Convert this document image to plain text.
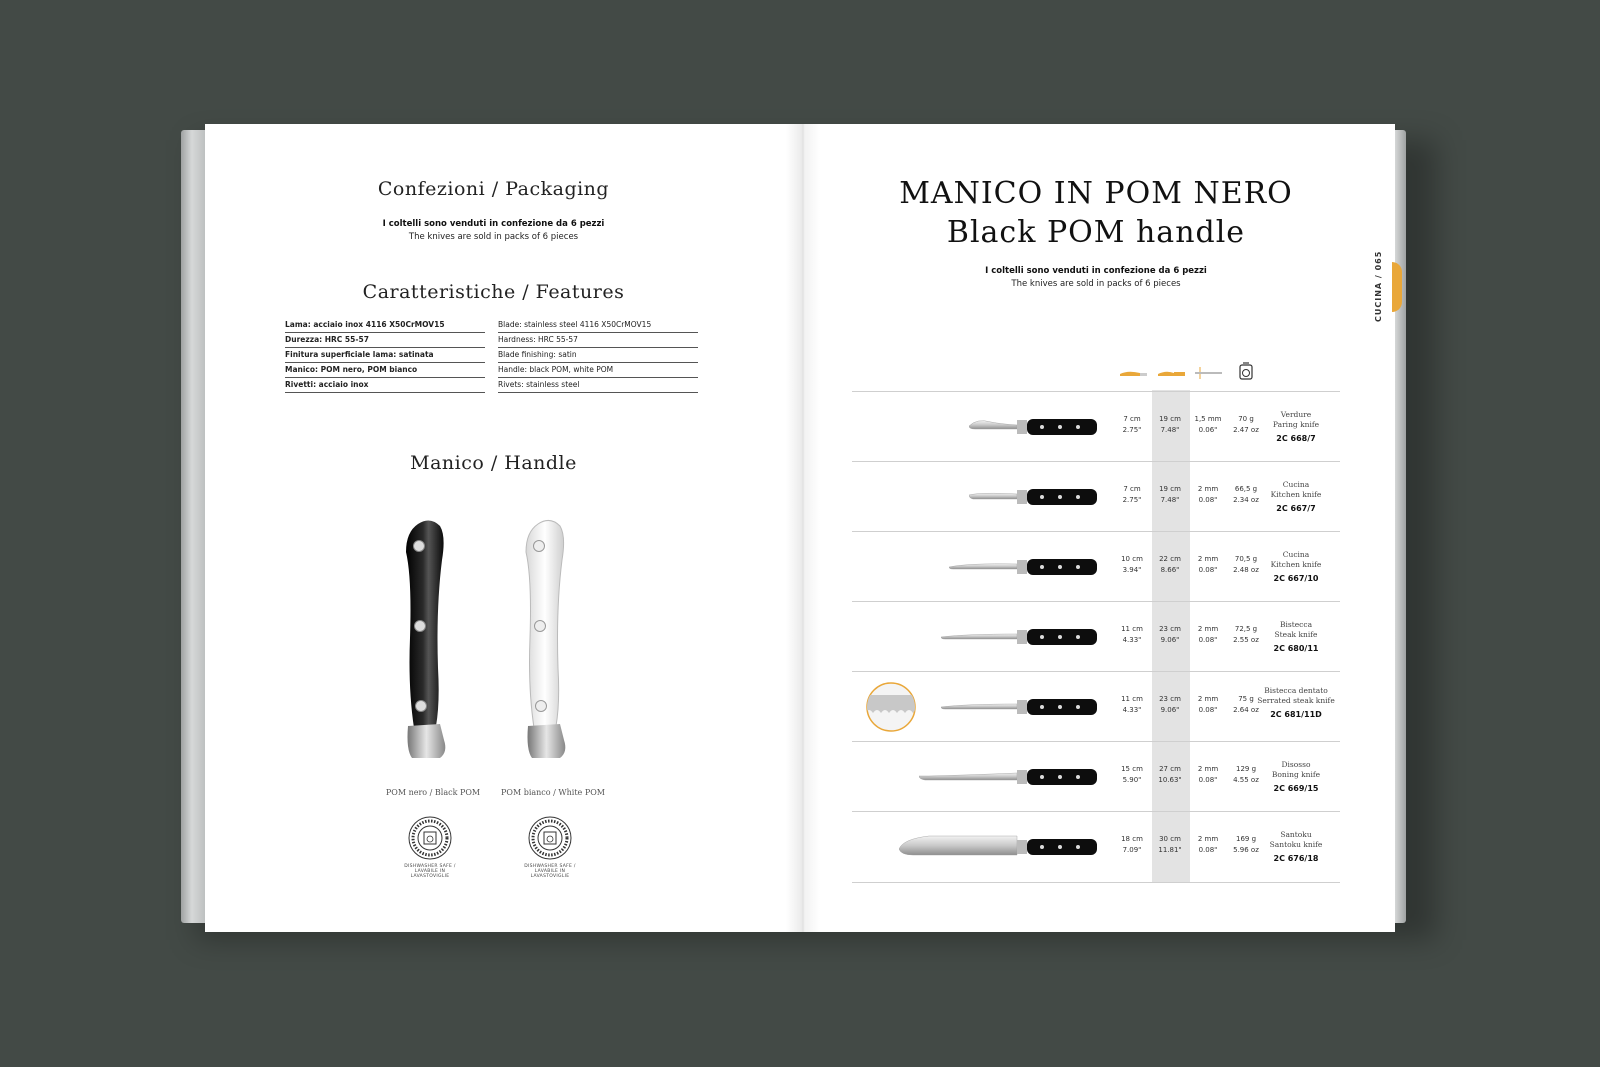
Confezioni / Packaging
I coltelli sono venduti in confezione da 6 pezzi
The knives are sold in packs of 6 pieces
Caratteristiche / Features
Lama: acciaio inox 4116 X50CrMOV15
Durezza: HRC 55-57
Finitura superficiale lama: satinata
Manico: POM nero, POM bianco
Rivetti: acciaio inox
Blade: stainless steel 4116 X50CrMOV15
Hardness: HRC 55-57
Blade finishing: satin
Handle: black POM, white POM
Rivets: stainless steel
Manico / Handle
POM nero / Black POM	POM bianco / White POM
MANICO IN POM NERO
Black POM handle
I coltelli sono venduti in confezione da 6 pezzi
The knives are sold in packs of 6 pieces	CUCINA / 065
7 cm
2.75"
19 cm
7.48"
1,5 mm
0.06"
70 g
2.47 oz
Verdure
Paring knife
2C 668/7
7 cm
2.75"
19 cm
7.48"
2 mm
0.08"
66,5 g
2.34 oz
Cucina
Kitchen knife
2C 667/7
10 cm
3.94"
22 cm
8.66"
2 mm
0.08"
70,5 g
2.48 oz
Cucina
Kitchen knife
2C 667/10
11 cm
4.33"
23 cm
9.06"
2 mm
0.08"
72,5 g
2.55 oz
Bistecca
Steak knife
2C 680/11
11 cm
4.33"
23 cm
9.06"
2 mm
0.08"
75 g
2.64 oz
Bistecca dentato
Serrated steak knife
2C 681/11D
15 cm
5.90"
27 cm
10.63"
2 mm
0.08"
129 g
4.55 oz
Disosso
Boning knife
2C 669/15
18 cm
7.09"
30 cm
11.81"
2 mm
0.08"
169 g
5.96 oz
Santoku
Santoku knife
2C 676/18
DISHWASHER SAFE / LAVABILE IN LAVASTOVIGLIE
DISHWASHER SAFE / LAVABILE IN LAVASTOVIGLIE
